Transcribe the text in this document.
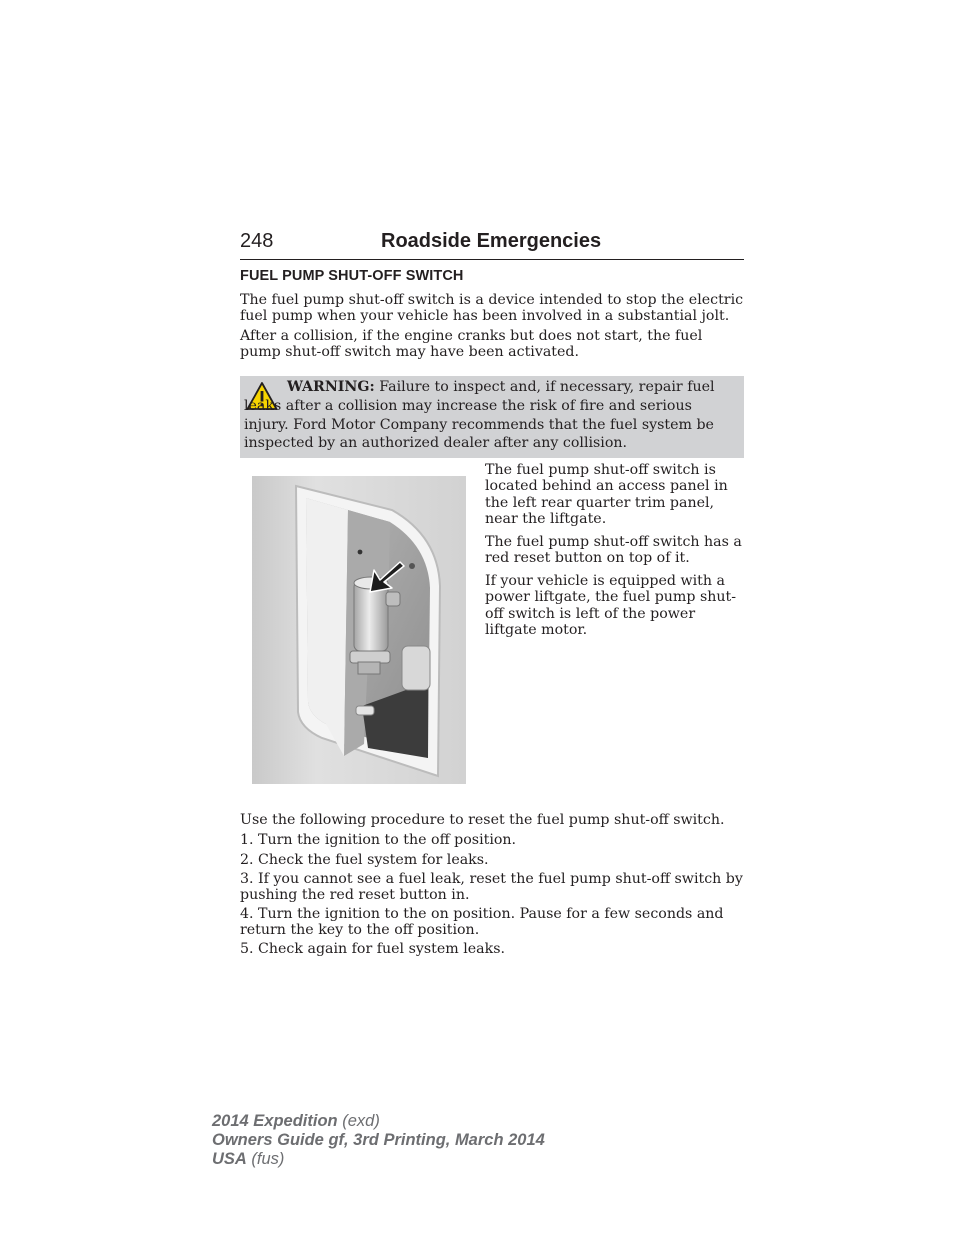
248	Roadside Emergencies
FUEL PUMP SHUT-OFF SWITCH

The fuel pump shut-off switch is a device intended to stop the electric fuel pump when your vehicle has been involved in a substantial jolt.

After a collision, if the engine cranks but does not start, the fuel pump shut-off switch may have been activated.

WARNING: Failure to inspect and, if necessary, repair fuel leaks after a collision may increase the risk of fire and serious injury. Ford Motor Company recommends that the fuel system be inspected by an authorized dealer after any collision.

The fuel pump shut-off switch is located behind an access panel in the left rear quarter trim panel, near the liftgate.

The fuel pump shut-off switch has a red reset button on top of it.

If your vehicle is equipped with a power liftgate, the fuel pump shut-off switch is left of the power liftgate motor.

Use the following procedure to reset the fuel pump shut-off switch.

1. Turn the ignition to the off position.

2. Check the fuel system for leaks.

3. If you cannot see a fuel leak, reset the fuel pump shut-off switch by pushing the red reset button in.

4. Turn the ignition to the on position. Pause for a few seconds and return the key to the off position.

5. Check again for fuel system leaks.

2014 Expedition (exd)
Owners Guide gf, 3rd Printing, March 2014
USA (fus)
